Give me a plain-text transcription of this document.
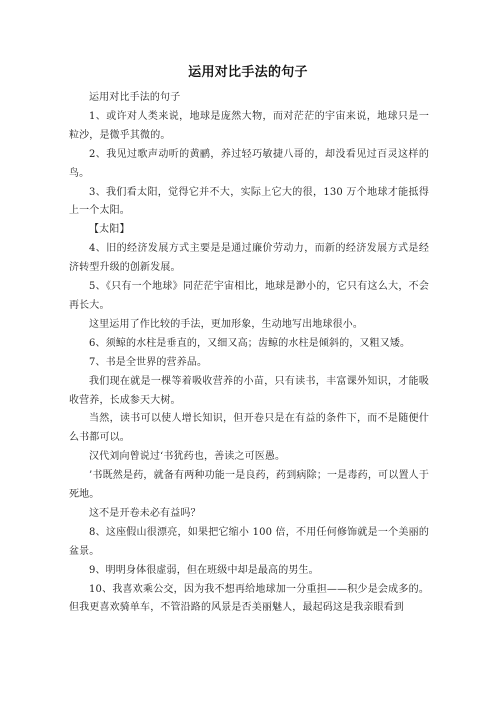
运用对比手法的句子

运用对比手法的句子

1、或许对人类来说，地球是庞然大物，而对茫茫的宇宙来说，地球只是一粒沙，是微乎其微的。

2、我见过歌声动听的黄鹂，养过轻巧敏捷八哥的，却没看见过百灵这样的鸟。

3、我们看太阳，觉得它并不大，实际上它大的很，130 万个地球才能抵得上一个太阳。

【太阳】

4、旧的经济发展方式主要是是通过廉价劳动力，而新的经济发展方式是经济转型升级的创新发展。

5、《只有一个地球》同茫茫宇宙相比，地球是渺小的，它只有这么大，不会再长大。

这里运用了作比较的手法，更加形象，生动地写出地球很小。

6、须鲸的水柱是垂直的，又细又高；齿鲸的水柱是倾斜的，又粗又矮。

7、书是全世界的营养品。

我们现在就是一棵等着吸收营养的小苗，只有读书，丰富课外知识，才能吸收营养，长成参天大树。

当然，读书可以使人增长知识，但开卷只是在有益的条件下，而不是随便什么书都可以。

汉代刘向曾说过‘书犹药也，善读之可医愚。

’书既然是药，就备有两种功能一是良药，药到病除；一是毒药，可以置人于死地。

这不是开卷未必有益吗？

8、这座假山很漂亮，如果把它缩小 100 倍，不用任何修饰就是一个美丽的盆景。

9、明明身体很虚弱，但在班级中却是最高的男生。

10、我喜欢乘公交，因为我不想再给地球加一分重担——积少是会成多的。但我更喜欢骑单车，不管沿路的风景是否美丽魅人，最起码这是我亲眼看到
